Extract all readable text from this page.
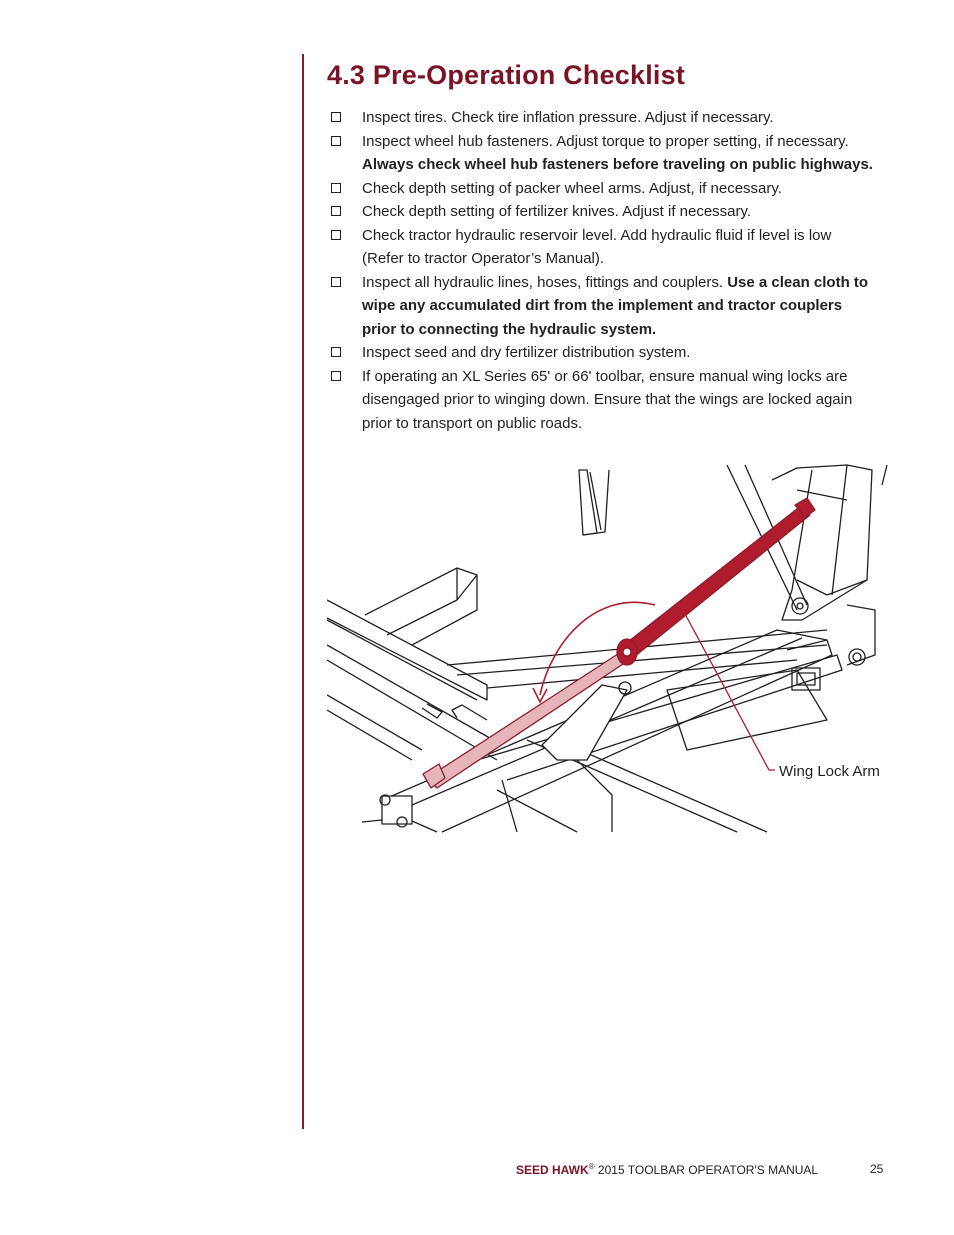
4.3 Pre-Operation Checklist
Inspect tires. Check tire inflation pressure. Adjust if necessary.
Inspect wheel hub fasteners. Adjust torque to proper setting, if necessary. Always check wheel hub fasteners before traveling on public highways.
Check depth setting of packer wheel arms. Adjust, if necessary.
Check depth setting of fertilizer knives. Adjust if necessary.
Check tractor hydraulic reservoir level. Add hydraulic fluid if level is low (Refer to tractor Operator’s Manual).
Inspect all hydraulic lines, hoses, fittings and couplers. Use a clean cloth to wipe any accumulated dirt from the implement and tractor couplers prior to connecting the hydraulic system.
Inspect seed and dry fertilizer distribution system.
If operating an XL Series 65' or 66' toolbar, ensure manual wing locks are disengaged prior to winging down. Ensure that the wings are locked again prior to transport on public roads.
Wing Lock Arm
SEED HAWK® 2015 TOOLBAR OPERATOR'S MANUAL	25
